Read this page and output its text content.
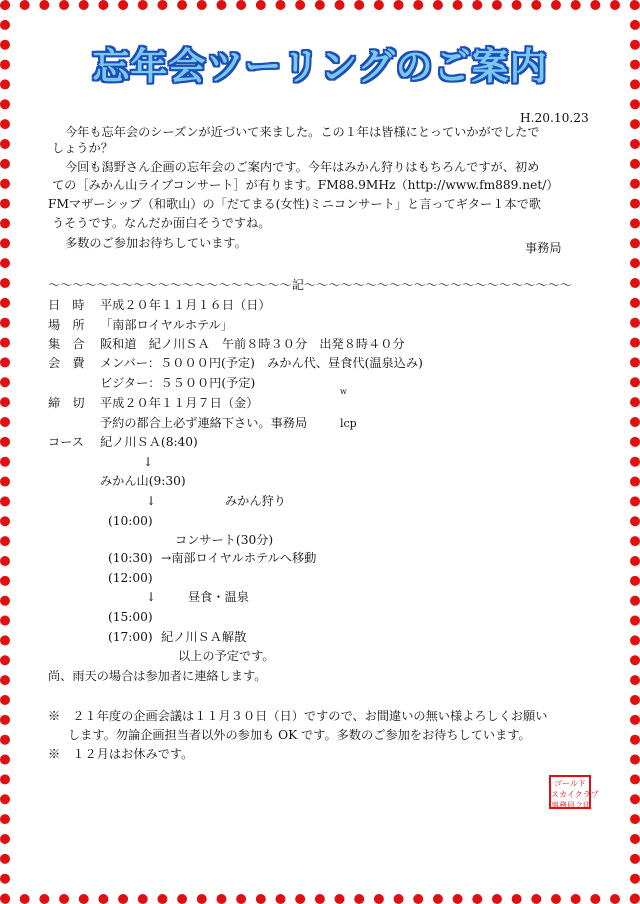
忘年会ツーリングのご案内
H.20.10.23
今年も忘年会のシーズンが近づいて来ました。この１年は皆様にとっていかがでしたで
しょうか？
今回も潟野さん企画の忘年会のご案内です。今年はみかん狩りはもちろんですが、初め
ての［みかん山ライブコンサート］が有ります。FM88.9MHz（http://www.fm889.net/）
FMマザーシップ（和歌山）の「だてまる(女性)ミニコンサート」と言ってギター１本で歌
うそうです。なんだか面白そうですね。
多数のご参加お待ちしています。	事務局
～～～～～～～～～～～～～～～～～～～～記～～～～～～～～～～～～～～～～～～～～～～
日　時 平成２０年１１月１６日（日）
場　所 「南部ロイヤルホテル」
集　合 阪和道　紀ノ川ＳＡ　午前８時３０分　出発８時４０分
会　費 メンバー：５０００円(予定)　みかん代、昼食代(温泉込み)
ビジター：５５００円(予定)
w
締　切 平成２０年１１月７日（金）
予約の都合上必ず連絡下さい。事務局	lcp
コース 紀ノ川ＳＡ(8:40)
↓
みかん山(9:30)
↓	みかん狩り
(10:00)
コンサート(30分)
(10:30) →南部ロイヤルホテルへ移動
(12:00)
↓	昼食・温泉
(15:00)
(17:00) 紀ノ川ＳＡ解散
以上の予定です。
尚、雨天の場合は参加者に連絡します。
※　２１年度の企画会議は１１月３０日（日）ですので、お間違いの無い様よろしくお願い
します。勿論企画担当者以外の参加も OK です。多数のご参加をお待ちしています。
※　１２月はお休みです。
ゴールド
スカイクラブ
事務局之印
